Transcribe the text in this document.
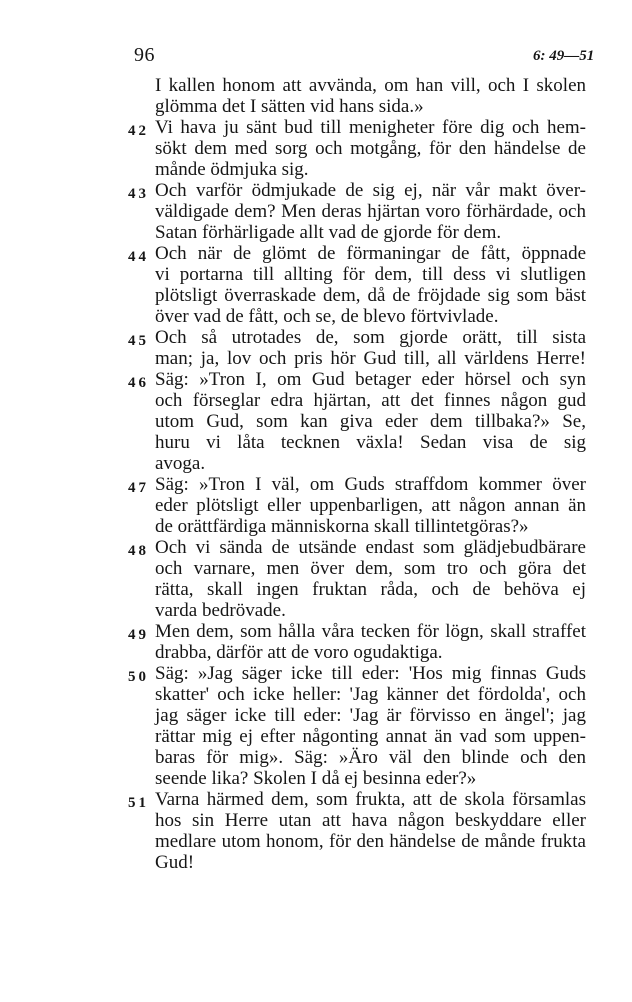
96	6: 49—51
I kallen honom att avvända, om han vill, och I skolen
glömma det I sätten vid hans sida.»
42 Vi hava ju sänt bud till menigheter före dig och hem-
sökt dem med sorg och motgång, för den händelse de
månde ödmjuka sig.
43 Och varför ödmjukade de sig ej, när vår makt över-
väldigade dem? Men deras hjärtan voro förhärdade, och
Satan förhärligade allt vad de gjorde för dem.
44 Och när de glömt de förmaningar de fått, öppnade
vi portarna till allting för dem, till dess vi slutligen
plötsligt överraskade dem, då de fröjdade sig som bäst
över vad de fått, och se, de blevo förtvivlade.
45 Och så utrotades de, som gjorde orätt, till sista
man; ja, lov och pris hör Gud till, all världens Herre!
46 Säg: »Tron I, om Gud betager eder hörsel och syn
och förseglar edra hjärtan, att det finnes någon gud
utom Gud, som kan giva eder dem tillbaka?» Se,
huru vi låta tecknen växla! Sedan visa de sig
avoga.
47 Säg: »Tron I väl, om Guds straffdom kommer över
eder plötsligt eller uppenbarligen, att någon annan än
de orättfärdiga människorna skall tillintetgöras?»
48 Och vi sända de utsände endast som glädjebudbärare
och varnare, men över dem, som tro och göra det
rätta, skall ingen fruktan råda, och de behöva ej
varda bedrövade.
49 Men dem, som hålla våra tecken för lögn, skall straffet
drabba, därför att de voro ogudaktiga.
50 Säg: »Jag säger icke till eder: 'Hos mig finnas Guds
skatter' och icke heller: 'Jag känner det fördolda', och
jag säger icke till eder: 'Jag är förvisso en ängel'; jag
rättar mig ej efter någonting annat än vad som uppen-
baras för mig». Säg: »Äro väl den blinde och den
seende lika? Skolen I då ej besinna eder?»
51 Varna härmed dem, som frukta, att de skola församlas
hos sin Herre utan att hava någon beskyddare eller
medlare utom honom, för den händelse de månde frukta
Gud!
